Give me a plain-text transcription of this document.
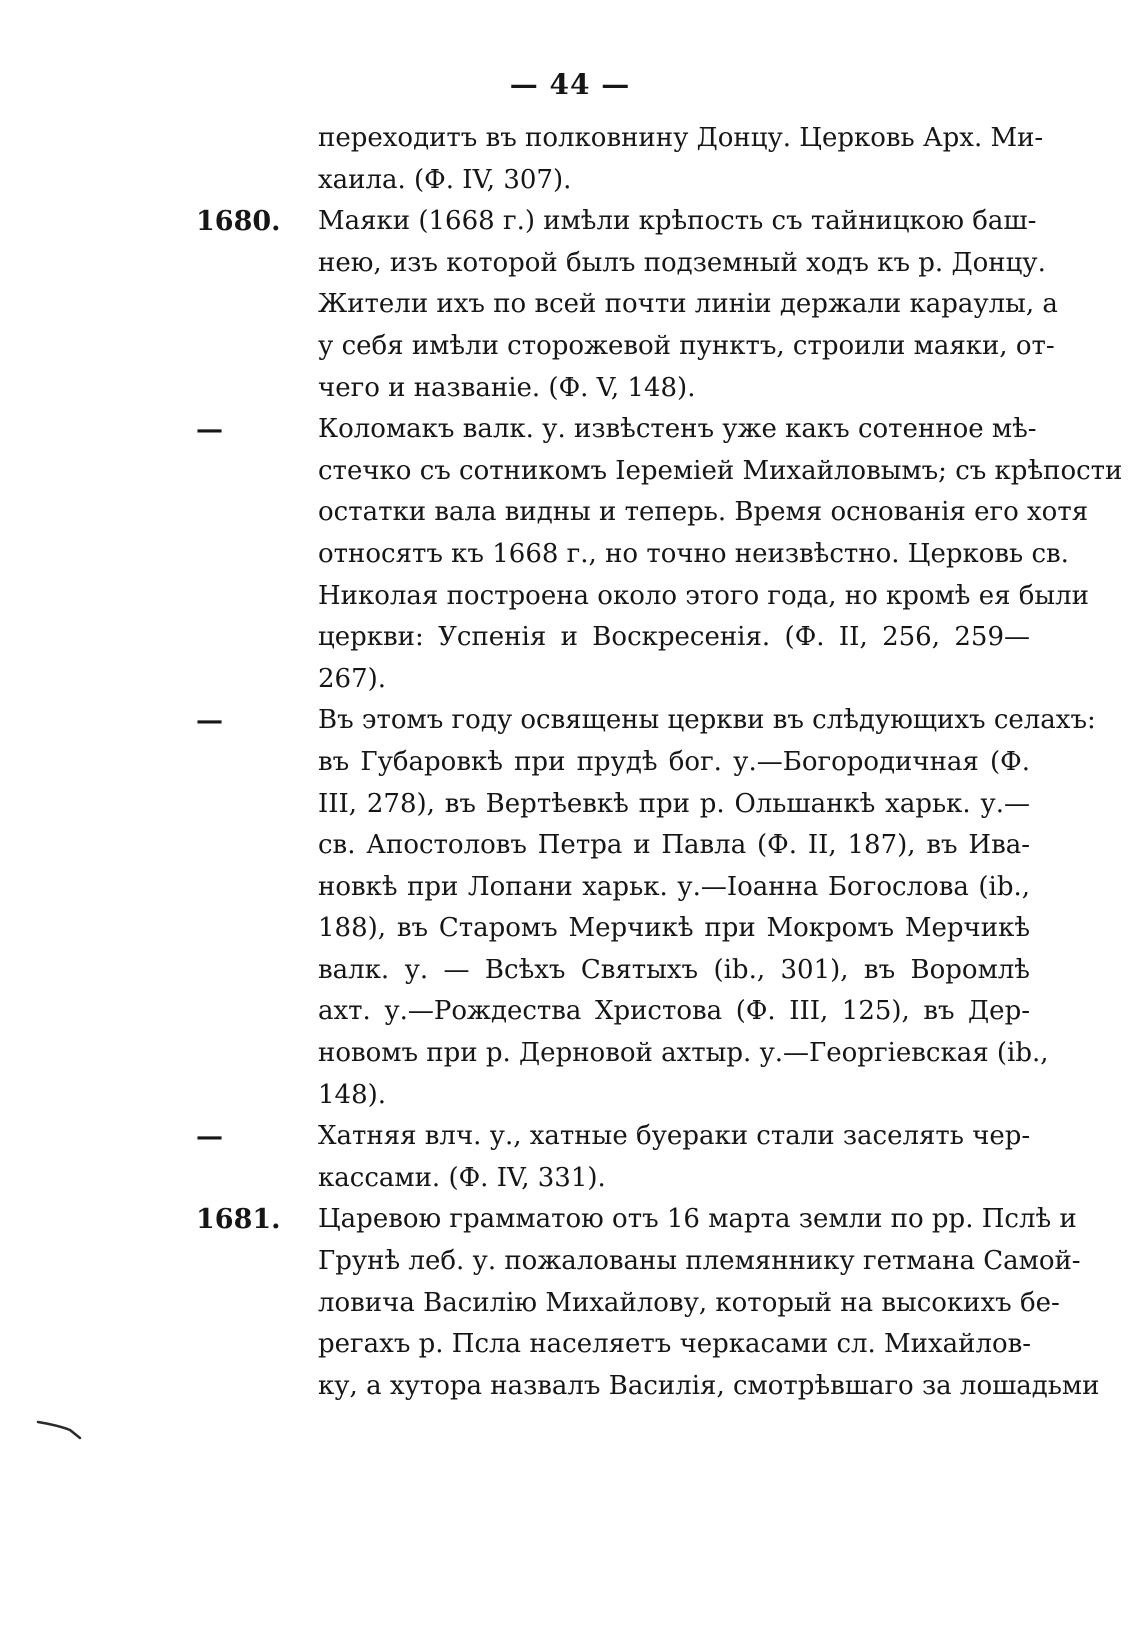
— 44 —
переходитъ въ полковнину Донцу. Церковь Арх. Ми-
хаила. (Ф. IV, 307).
1680.	Маяки (1668 г.) имѣли крѣпость съ тайницкою баш-
нею, изъ которой былъ подземный ходъ къ р. Донцу.
Жители ихъ по всей почти линіи держали караулы, а
у себя имѣли сторожевой пунктъ, строили маяки, от-
чего и названіе. (Ф. V, 148).
—	Коломакъ валк. у. извѣстенъ уже какъ сотенное мѣ-
стечко съ сотникомъ Іереміей Михайловымъ; съ крѣпости
остатки вала видны и теперь. Время основанія его хотя
относятъ къ 1668 г., но точно неизвѣстно. Церковь св.
Николая построена около этого года, но кромѣ ея были
церкви: Успенія и Воскресенія. (Ф. II, 256, 259—
267).
—	Въ этомъ году освящены церкви въ слѣдующихъ селахъ:
въ Губаровкѣ при прудѣ бог. у.—Богородичная (Ф.
III, 278), въ Вертѣевкѣ при р. Ольшанкѣ харьк. у.—
св. Апостоловъ Петра и Павла (Ф. II, 187), въ Ива-
новкѣ при Лопани харьк. у.—Іоанна Богослова (ib.,
188), въ Старомъ Мерчикѣ при Мокромъ Мерчикѣ
валк. у. — Всѣхъ Святыхъ (ib., 301), въ Воромлѣ
ахт. у.—Рождества Христова (Ф. III, 125), въ Дер-
новомъ при р. Дерновой ахтыр. у.—Георгіевская (ib.,
148).
—	Хатняя влч. у., хатные буераки стали заселять чер-
кассами. (Ф. IV, 331).
1681.	Царевою грамматою отъ 16 марта земли по рр. Пслѣ и
Грунѣ леб. у. пожалованы племяннику гетмана Самой-
ловича Василію Михайлову, который на высокихъ бе-
регахъ р. Псла населяетъ черкасами сл. Михайлов-
ку, а хутора назвалъ Василія, смотрѣвшаго за лошадьми
